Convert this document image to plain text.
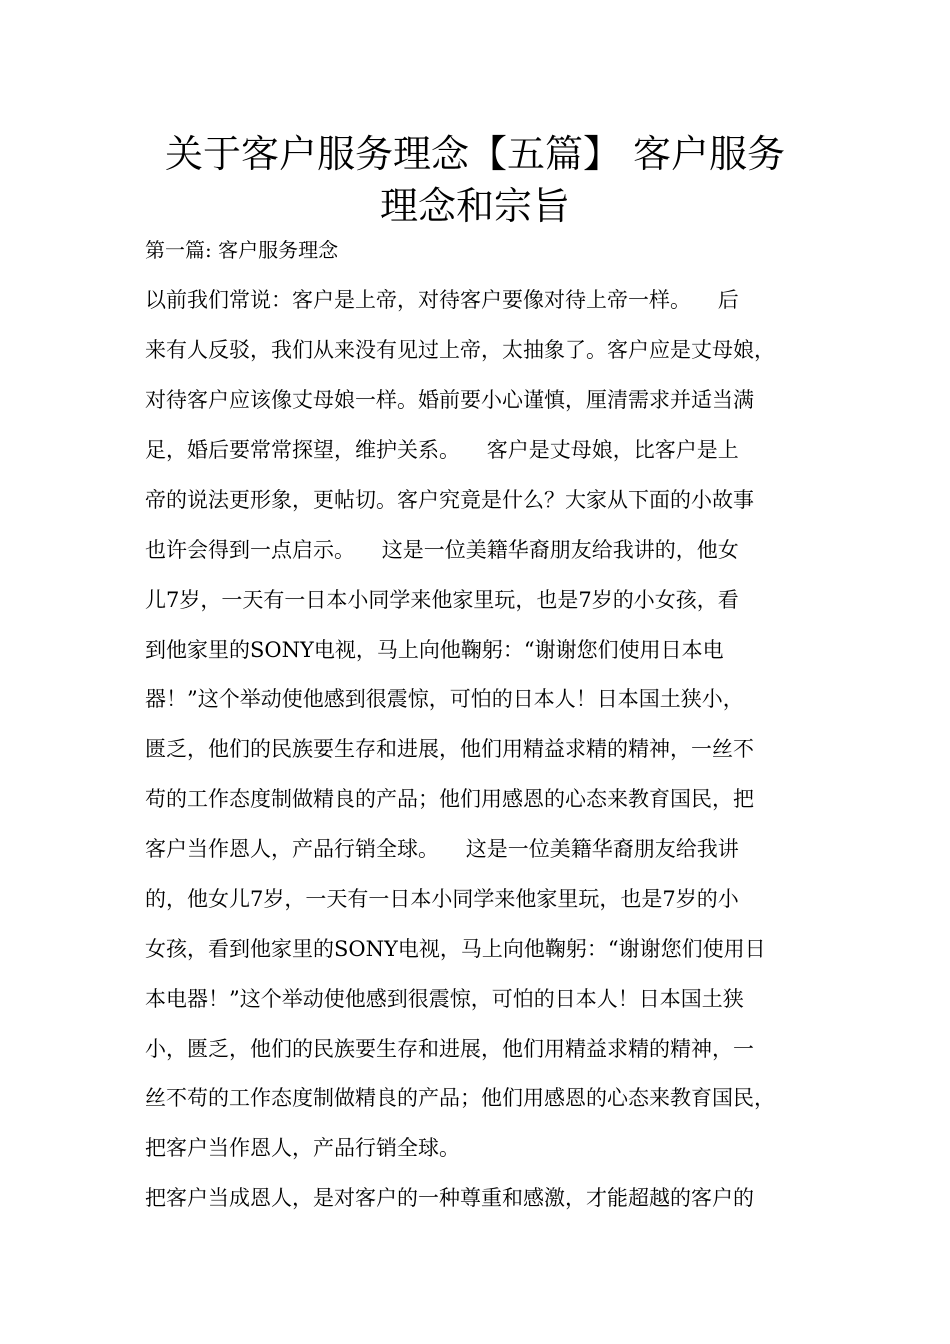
关于客户服务理念【五篇】 客户服务
理念和宗旨

第一篇: 客户服务理念

以前我们常说：客户是上帝，对待客户要像对待上帝一样。    后

来有人反驳，我们从来没有见过上帝，太抽象了。客户应是丈母娘，

对待客户应该像丈母娘一样。婚前要小心谨慎，厘清需求并适当满

足，婚后要常常探望，维护关系。    客户是丈母娘，比客户是上

帝的说法更形象，更帖切。客户究竟是什么？大家从下面的小故事

也许会得到一点启示。    这是一位美籍华裔朋友给我讲的，他女

儿7岁，一天有一日本小同学来他家里玩，也是7岁的小女孩，看

到他家里的SONY电视，马上向他鞠躬：“谢谢您们使用日本电

器！”这个举动使他感到很震惊，可怕的日本人！日本国土狭小，

匮乏，他们的民族要生存和进展，他们用精益求精的精神，一丝不

苟的工作态度制做精良的产品；他们用感恩的心态来教育国民，把

客户当作恩人，产品行销全球。    这是一位美籍华裔朋友给我讲

的，他女儿7岁，一天有一日本小同学来他家里玩，也是7岁的小

女孩，看到他家里的SONY电视，马上向他鞠躬：“谢谢您们使用日

本电器！”这个举动使他感到很震惊，可怕的日本人！日本国土狭

小，匮乏，他们的民族要生存和进展，他们用精益求精的精神，一

丝不苟的工作态度制做精良的产品；他们用感恩的心态来教育国民，

把客户当作恩人，产品行销全球。

把客户当成恩人，是对客户的一种尊重和感激，才能超越的客户的
